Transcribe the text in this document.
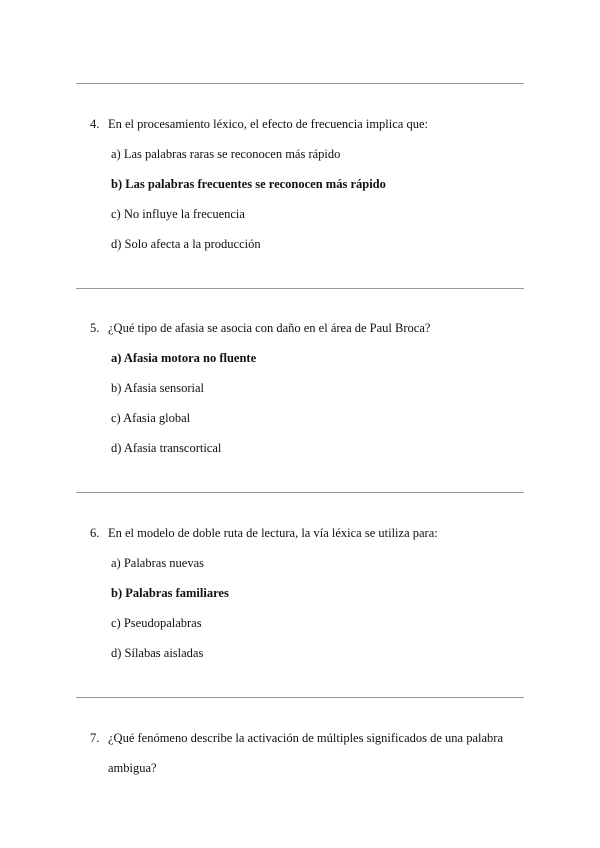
4. En el procesamiento léxico, el efecto de frecuencia implica que:
a) Las palabras raras se reconocen más rápido
b) Las palabras frecuentes se reconocen más rápido
c) No influye la frecuencia
d) Solo afecta a la producción
5. ¿Qué tipo de afasia se asocia con daño en el área de Paul Broca?
a) Afasia motora no fluente
b) Afasia sensorial
c) Afasia global
d) Afasia transcortical
6. En el modelo de doble ruta de lectura, la vía léxica se utiliza para:
a) Palabras nuevas
b) Palabras familiares
c) Pseudopalabras
d) Sílabas aisladas
7. ¿Qué fenómeno describe la activación de múltiples significados de una palabra
ambigua?
